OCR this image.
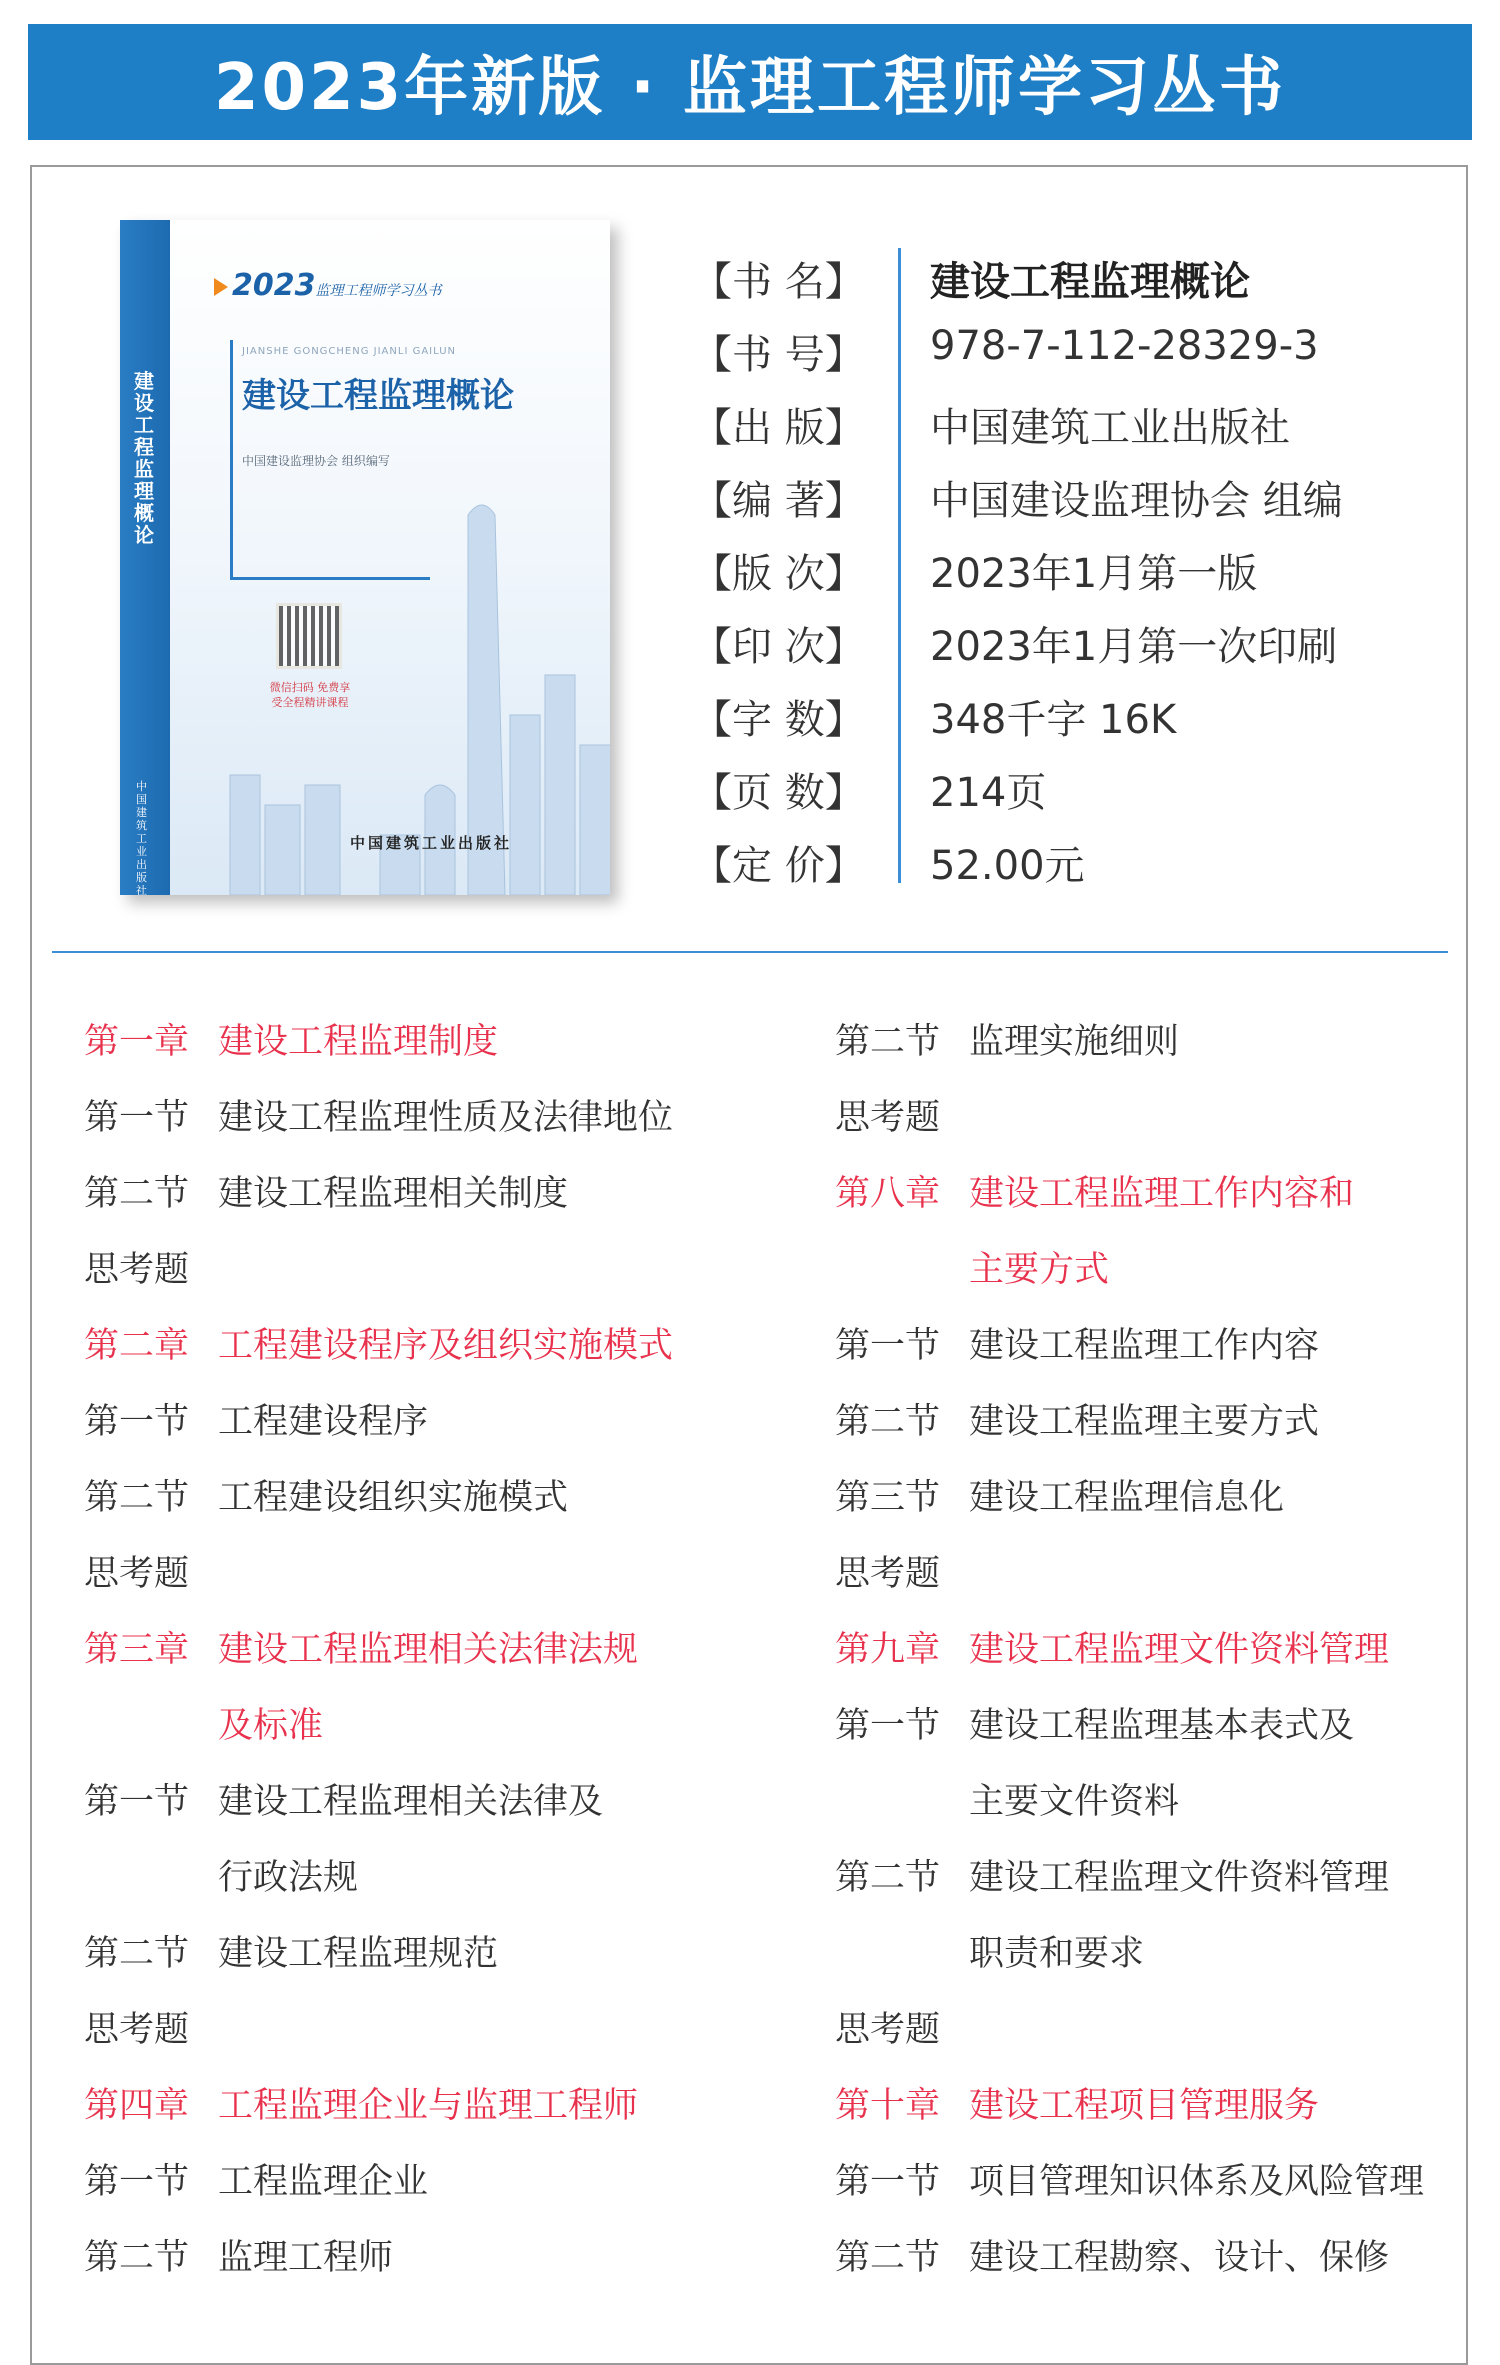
2023年新版 · 监理工程师学习丛书
建设工程监理概论
中国建筑工业出版社
2023监理工程师学习丛书
JIANSHE GONGCHENG JIANLI GAILUN
建设工程监理概论
中国建设监理协会 组织编写
微信扫码 免费享受全程精讲课程
中国建筑工业出版社
【书 名】 建设工程监理概论
【书 号】 978-7-112-28329-3
【出 版】 中国建筑工业出版社
【编 著】 中国建设监理协会 组编
【版 次】 2023年1月第一版
【印 次】 2023年1月第一次印刷
【字 数】 348千字 16K
【页 数】 214页
【定 价】 52.00元
第一章 建设工程监理制度
第一节 建设工程监理性质及法律地位
第二节 建设工程监理相关制度
思考题
第二章 工程建设程序及组织实施模式
第一节 工程建设程序
第二节 工程建设组织实施模式
思考题
第三章 建设工程监理相关法律法规
及标准
第一节 建设工程监理相关法律及
行政法规
第二节 建设工程监理规范
思考题
第四章 工程监理企业与监理工程师
第一节 工程监理企业
第二节 监理工程师
第二节 监理实施细则
思考题
第八章 建设工程监理工作内容和
主要方式
第一节 建设工程监理工作内容
第二节 建设工程监理主要方式
第三节 建设工程监理信息化
思考题
第九章 建设工程监理文件资料管理
第一节 建设工程监理基本表式及
主要文件资料
第二节 建设工程监理文件资料管理
职责和要求
思考题
第十章 建设工程项目管理服务
第一节 项目管理知识体系及风险管理
第二节 建设工程勘察、设计、保修
